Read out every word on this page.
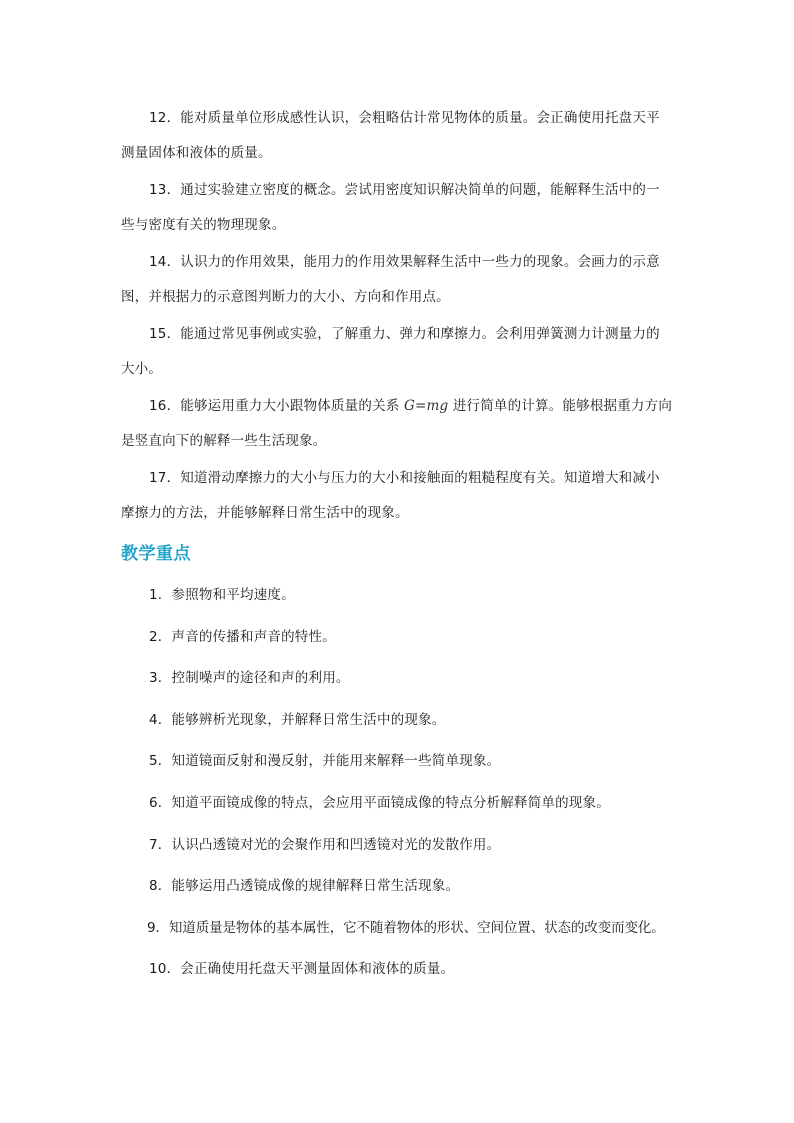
12．能对质量单位形成感性认识，会粗略估计常见物体的质量。会正确使用托盘天平测量固体和液体的质量。

13．通过实验建立密度的概念。尝试用密度知识解决简单的问题，能解释生活中的一些与密度有关的物理现象。

14．认识力的作用效果，能用力的作用效果解释生活中一些力的现象。会画力的示意图，并根据力的示意图判断力的大小、方向和作用点。

15．能通过常见事例或实验，了解重力、弹力和摩擦力。会利用弹簧测力计测量力的大小。

16．能够运用重力大小跟物体质量的关系 G=mg 进行简单的计算。能够根据重力方向是竖直向下的解释一些生活现象。

17．知道滑动摩擦力的大小与压力的大小和接触面的粗糙程度有关。知道增大和减小摩擦力的方法，并能够解释日常生活中的现象。

教学重点

1．参照物和平均速度。

2．声音的传播和声音的特性。

3．控制噪声的途径和声的利用。

4．能够辨析光现象，并解释日常生活中的现象。

5．知道镜面反射和漫反射，并能用来解释一些简单现象。

6．知道平面镜成像的特点，会应用平面镜成像的特点分析解释简单的现象。

7．认识凸透镜对光的会聚作用和凹透镜对光的发散作用。

8．能够运用凸透镜成像的规律解释日常生活现象。

9．知道质量是物体的基本属性，它不随着物体的形状、空间位置、状态的改变而变化。

10．会正确使用托盘天平测量固体和液体的质量。
